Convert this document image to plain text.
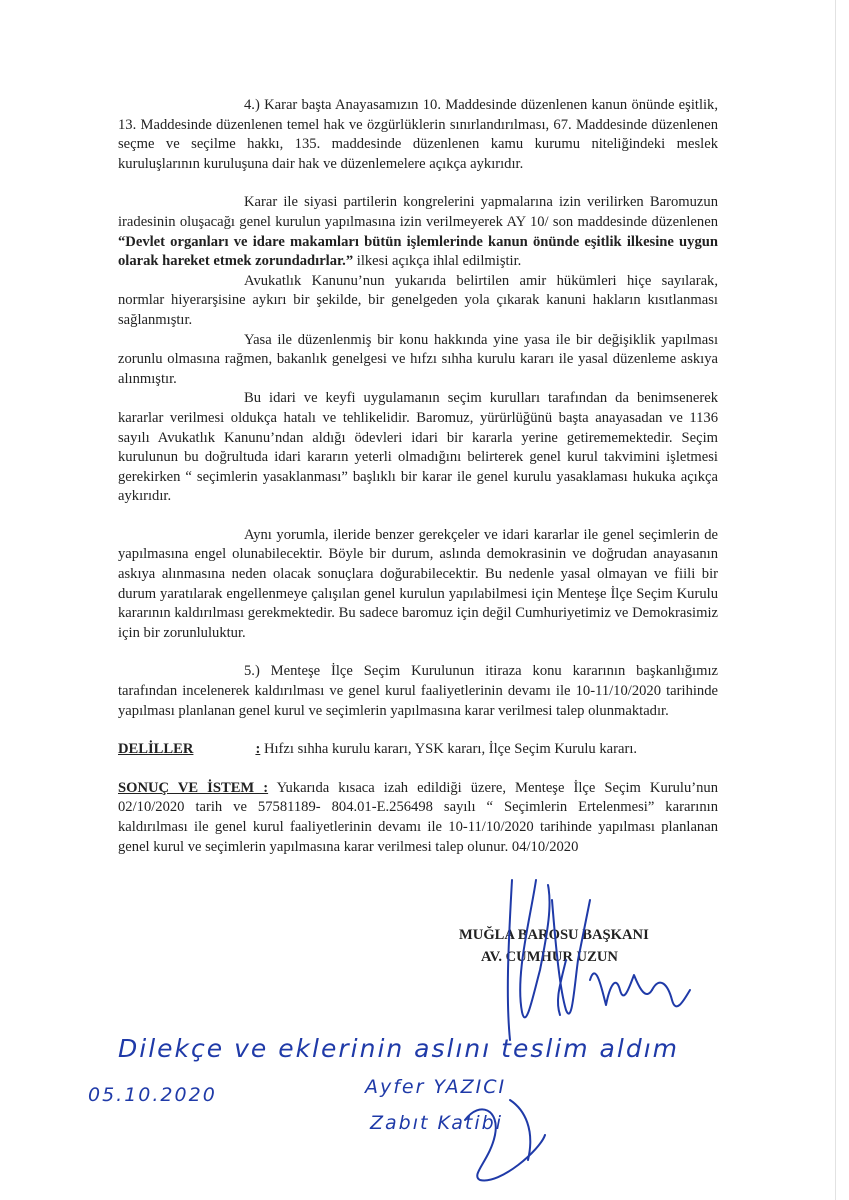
4.) Karar başta Anayasamızın 10. Maddesinde düzenlenen kanun önünde eşitlik, 13. Maddesinde düzenlenen temel hak ve özgürlüklerin sınırlandırılması, 67. Maddesinde düzenlenen seçme ve seçilme hakkı, 135. maddesinde düzenlenen kamu kurumu niteliğindeki meslek kuruluşlarının kuruluşuna dair hak ve düzenlemelere açıkça aykırıdır.

Karar ile siyasi partilerin kongrelerini yapmalarına izin verilirken Baromuzun iradesinin oluşacağı genel kurulun yapılmasına izin verilmeyerek AY 10/ son maddesinde düzenlenen “Devlet organları ve idare makamları bütün işlemlerinde kanun önünde eşitlik ilkesine uygun olarak hareket etmek zorundadırlar.” ilkesi açıkça ihlal edilmiştir.

Avukatlık Kanunu’nun yukarıda belirtilen amir hükümleri hiçe sayılarak, normlar hiyerarşisine aykırı bir şekilde, bir genelgeden yola çıkarak kanuni hakların kısıtlanması sağlanmıştır.

Yasa ile düzenlenmiş bir konu hakkında yine yasa ile bir değişiklik yapılması zorunlu olmasına rağmen, bakanlık genelgesi ve hıfzı sıhha kurulu kararı ile yasal düzenleme askıya alınmıştır.

Bu idari ve keyfi uygulamanın seçim kurulları tarafından da benimsenerek kararlar verilmesi oldukça hatalı ve tehlikelidir. Baromuz, yürürlüğünü başta anayasadan ve 1136 sayılı Avukatlık Kanunu’ndan aldığı ödevleri idari bir kararla yerine getirememektedir. Seçim kurulunun bu doğrultuda idari kararın yeterli olmadığını belirterek genel kurul takvimini işletmesi gerekirken “ seçimlerin yasaklanması” başlıklı bir karar ile genel kurulu yasaklaması hukuka açıkça aykırıdır.

Aynı yorumla, ileride benzer gerekçeler ve idari kararlar ile genel seçimlerin de yapılmasına engel olunabilecektir. Böyle bir durum, aslında demokrasinin ve doğrudan anayasanın askıya alınmasına neden olacak sonuçlara doğurabilecektir. Bu nedenle yasal olmayan ve fiili bir durum yaratılarak engellenmeye çalışılan genel kurulun yapılabilmesi için Menteşe İlçe Seçim Kurulu kararının kaldırılması gerekmektedir. Bu sadece baromuz için değil Cumhuriyetimiz ve Demokrasimiz için bir zorunluluktur.

5.) Menteşe İlçe Seçim Kurulunun itiraza konu kararının başkanlığımız tarafından incelenerek kaldırılması ve genel kurul faaliyetlerinin devamı ile 10-11/10/2020 tarihinde yapılması planlanan genel kurul ve seçimlerin yapılmasına karar verilmesi talep olunmaktadır.

DELİLLER	: Hıfzı sıhha kurulu kararı, YSK kararı, İlçe Seçim Kurulu kararı.

SONUÇ VE İSTEM : Yukarıda kısaca izah edildiği üzere, Menteşe İlçe Seçim Kurulu’nun 02/10/2020 tarih ve 57581189- 804.01-E.256498 sayılı “ Seçimlerin Ertelenmesi” kararının kaldırılması ile genel kurul faaliyetlerinin devamı ile 10-11/10/2020 tarihinde yapılması planlanan genel kurul ve seçimlerin yapılmasına karar verilmesi talep olunur. 04/10/2020

MUĞLA BAROSU BAŞKANI
AV. CUMHUR UZUN
Dilekçe ve eklerinin aslını teslim aldım
05.10.2020	Ayfer YAZICI
Zabıt Katibi
